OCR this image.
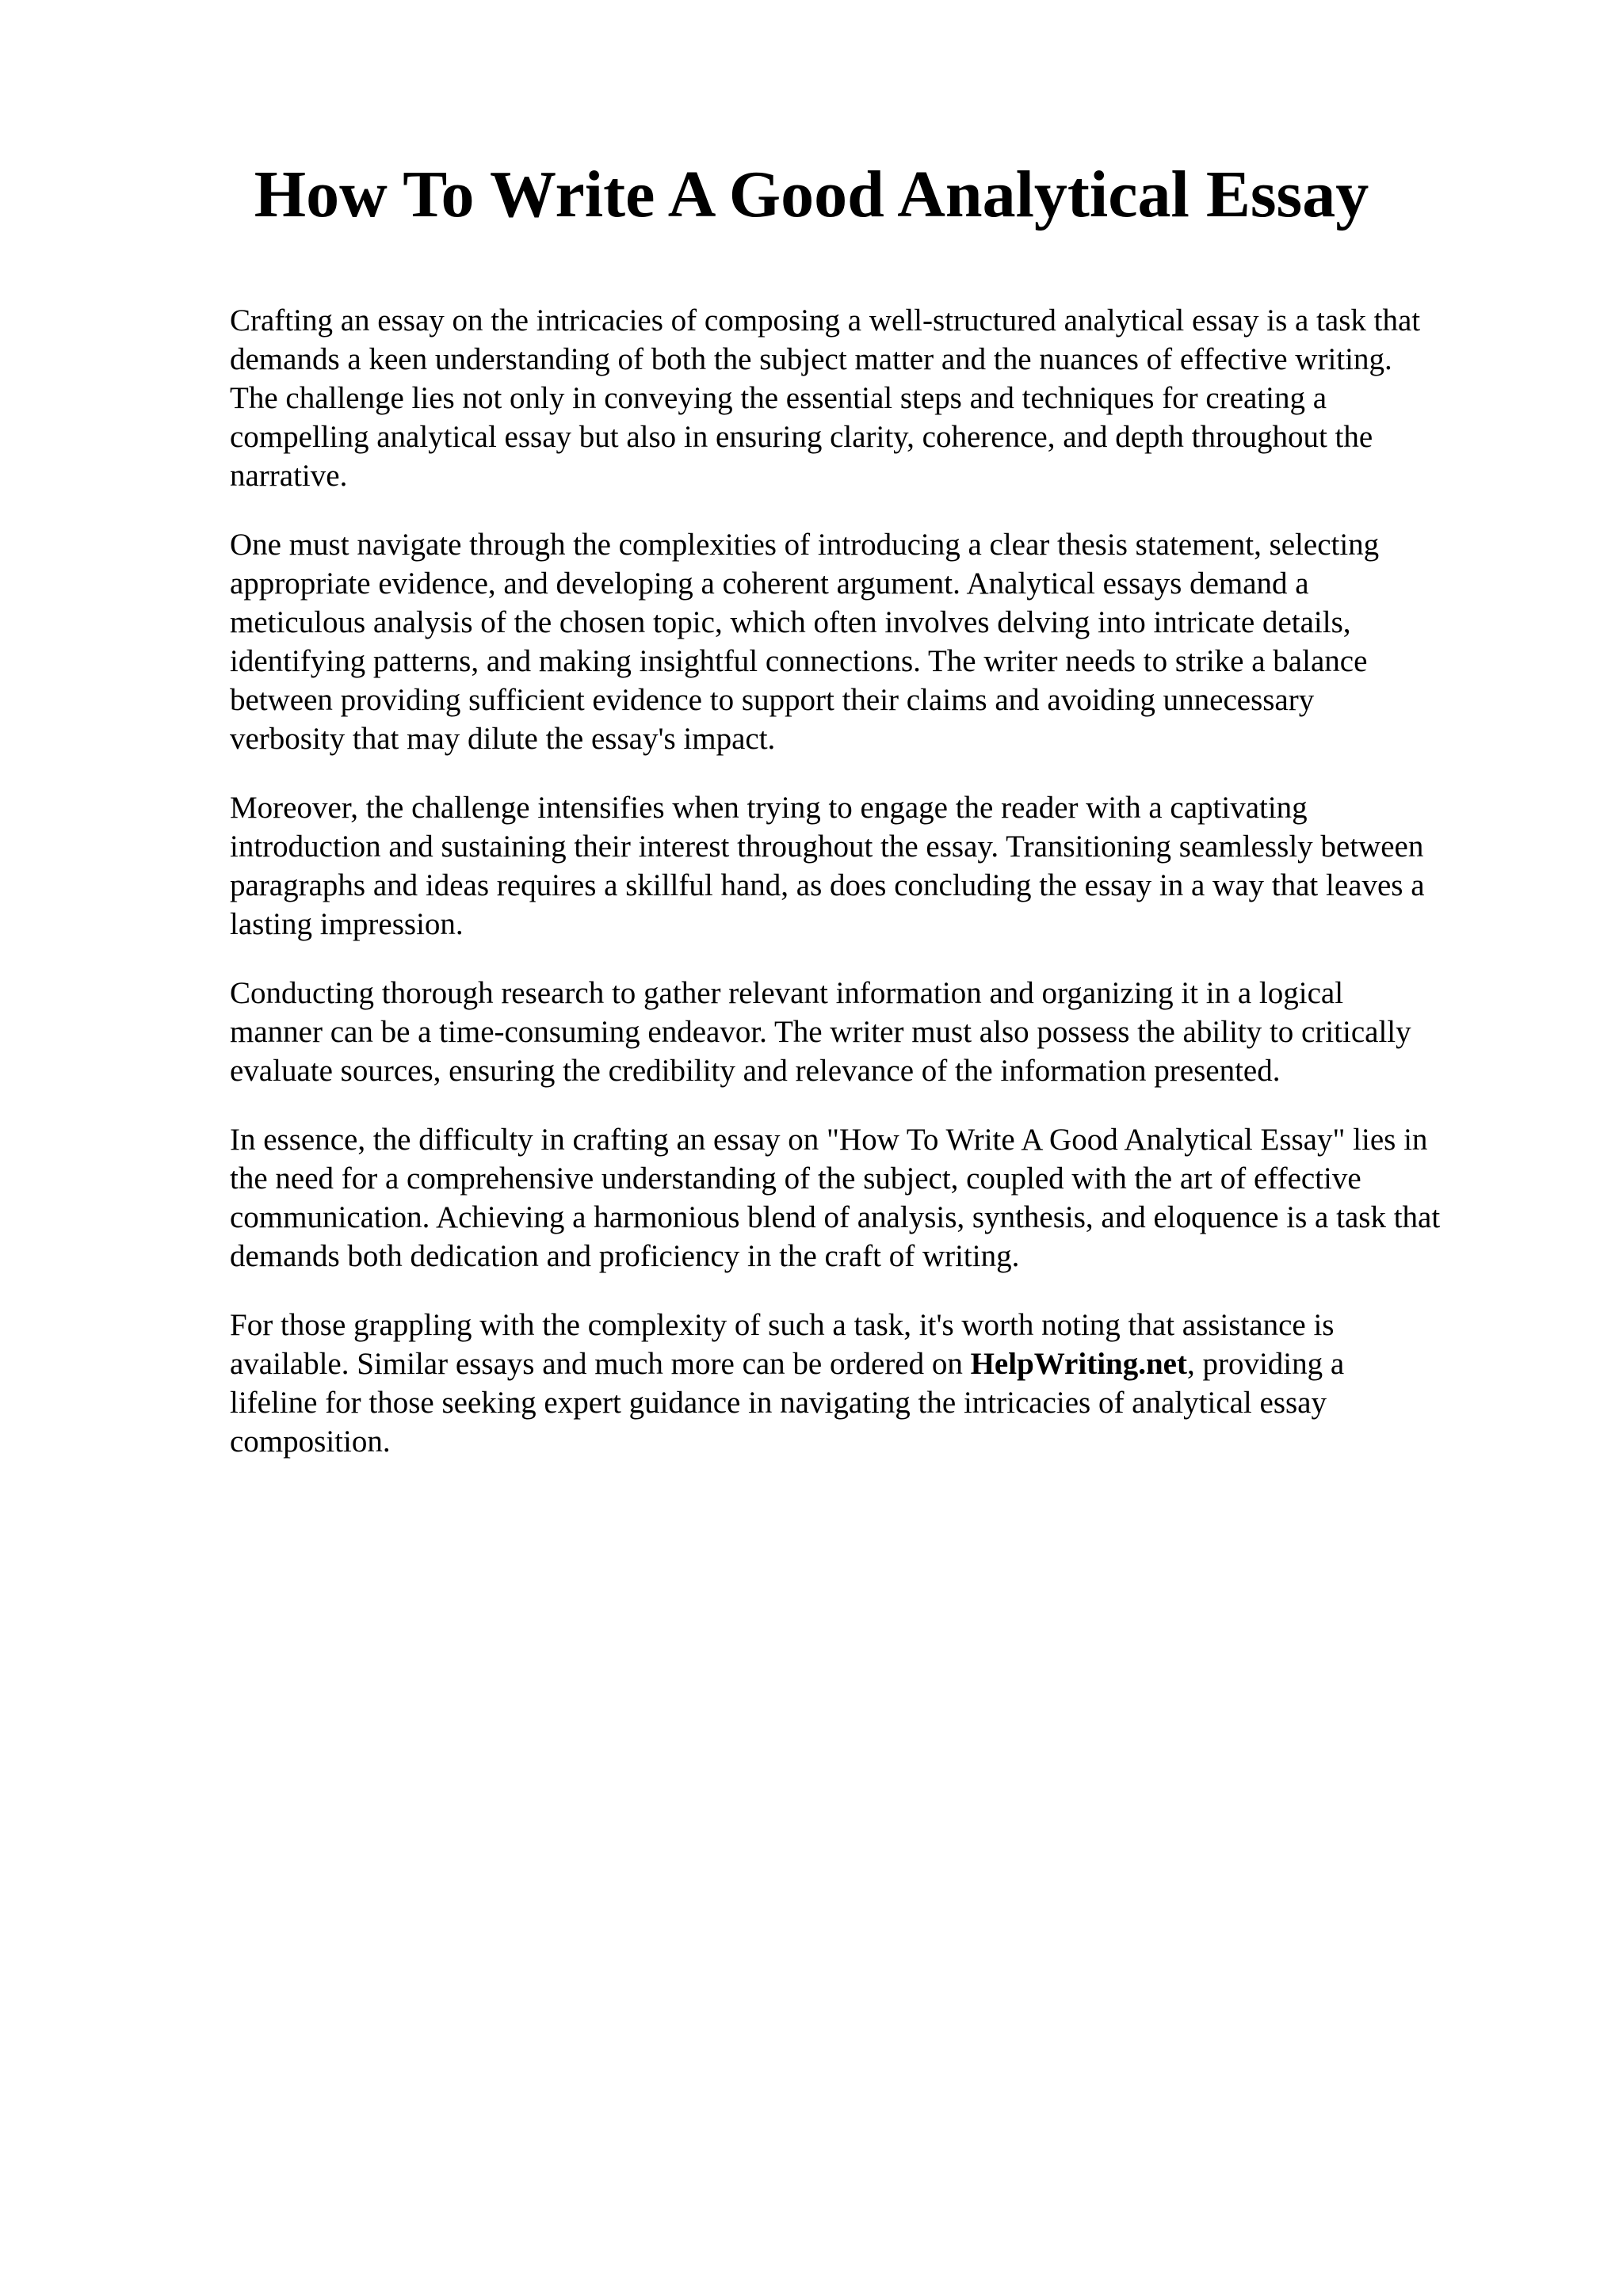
How To Write A Good Analytical Essay

Crafting an essay on the intricacies of composing a well-structured analytical essay is a task that
demands a keen understanding of both the subject matter and the nuances of effective writing.
The challenge lies not only in conveying the essential steps and techniques for creating a
compelling analytical essay but also in ensuring clarity, coherence, and depth throughout the
narrative.

One must navigate through the complexities of introducing a clear thesis statement, selecting
appropriate evidence, and developing a coherent argument. Analytical essays demand a
meticulous analysis of the chosen topic, which often involves delving into intricate details,
identifying patterns, and making insightful connections. The writer needs to strike a balance
between providing sufficient evidence to support their claims and avoiding unnecessary
verbosity that may dilute the essay's impact.

Moreover, the challenge intensifies when trying to engage the reader with a captivating
introduction and sustaining their interest throughout the essay. Transitioning seamlessly between
paragraphs and ideas requires a skillful hand, as does concluding the essay in a way that leaves a
lasting impression.

Conducting thorough research to gather relevant information and organizing it in a logical
manner can be a time-consuming endeavor. The writer must also possess the ability to critically
evaluate sources, ensuring the credibility and relevance of the information presented.

In essence, the difficulty in crafting an essay on "How To Write A Good Analytical Essay" lies in
the need for a comprehensive understanding of the subject, coupled with the art of effective
communication. Achieving a harmonious blend of analysis, synthesis, and eloquence is a task that
demands both dedication and proficiency in the craft of writing.

For those grappling with the complexity of such a task, it's worth noting that assistance is
available. Similar essays and much more can be ordered on HelpWriting.net, providing a
lifeline for those seeking expert guidance in navigating the intricacies of analytical essay
composition.
